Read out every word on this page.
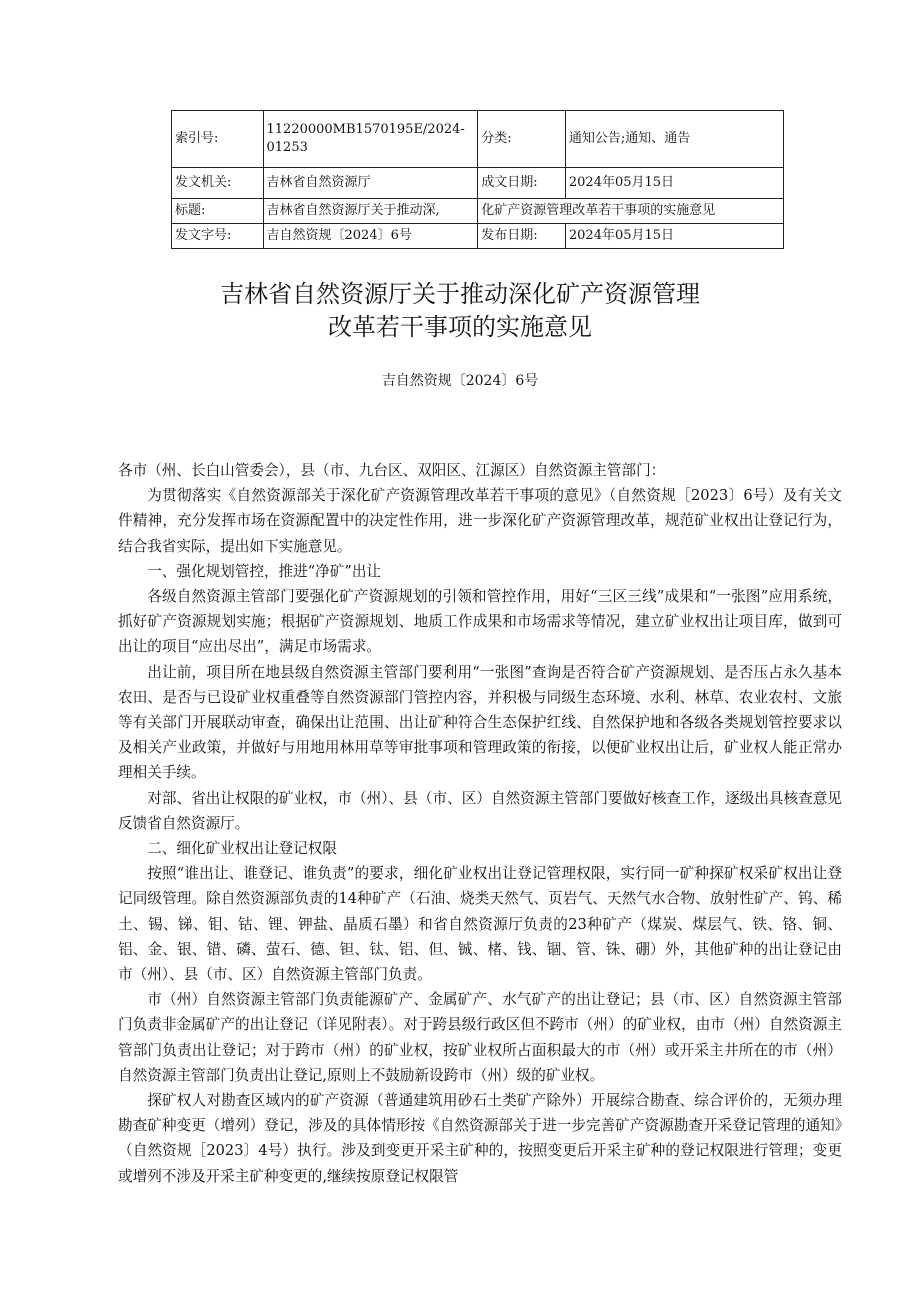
索引号:	11220000MB1570195E/2024-01253	分类:	通知公告;通知、通告
发文机关:	吉林省自然资源厅	成文日期:	2024年05月15日
标题:	吉林省自然资源厅关于推动深,	化矿产资源管理改革若干事项的实施意见	
发文字号:	吉自然资规〔2024〕6号	发布日期:	2024年05月15日
吉林省自然资源厅关于推动深化矿产资源管理
改革若干事项的实施意见
吉自然资规〔2024〕6号

各市（州、长白山管委会），县（市、九台区、双阳区、江源区）自然资源主管部门：

为贯彻落实《自然资源部关于深化矿产资源管理改革若干事项的意见》（自然资规［2023〕6号）及有关文件精神，充分发挥市场在资源配置中的决定性作用，进一步深化矿产资源管理改革，规范矿业权出让登记行为，结合我省实际，提出如下实施意见。

一、强化规划管控，推进“净矿”出让

各级自然资源主管部门要强化矿产资源规划的引领和管控作用，用好“三区三线”成果和“一张图”应用系统，抓好矿产资源规划实施；根据矿产资源规划、地质工作成果和市场需求等情况，建立矿业权出让项目库，做到可出让的项目“应出尽出”，满足市场需求。

出让前，项目所在地县级自然资源主管部门要利用“一张图”查询是否符合矿产资源规划、是否压占永久基本农田、是否与已设矿业权重叠等自然资源部门管控内容，并积极与同级生态环境、水利、林草、农业农村、文旅等有关部门开展联动审查，确保出让范围、出让矿种符合生态保护红线、自然保护地和各级各类规划管控要求以及相关产业政策，并做好与用地用林用草等审批事项和管理政策的衔接，以便矿业权出让后，矿业权人能正常办理相关手续。

对部、省出让权限的矿业权，市（州）、县（市、区）自然资源主管部门要做好核查工作，逐级出具核查意见反馈省自然资源厅。

二、细化矿业权出让登记权限

按照“谁出让、谁登记、谁负责”的要求，细化矿业权出让登记管理权限，实行同一矿种探矿权采矿权出让登记同级管理。除自然资源部负责的14种矿产（石油、烧类天然气、页岩气、天然气水合物、放射性矿产、钨、稀土、锡、锑、钼、钴、锂、钾盐、晶质石墨）和省自然资源厅负责的23种矿产（煤炭、煤层气、铁、铬、铜、铝、金、银、错、磷、萤石、德、钽、钛、铝、但、铖、楮、钱、锢、管、铢、硼）外，其他矿种的出让登记由市（州）、县（市、区）自然资源主管部门负责。

市（州）自然资源主管部门负责能源矿产、金属矿产、水气矿产的出让登记；县（市、区）自然资源主管部门负责非金属矿产的出让登记（详见附表）。对于跨县级行政区但不跨市（州）的矿业权，由市（州）自然资源主管部门负责出让登记；对于跨市（州）的矿业权，按矿业权所占面积最大的市（州）或开采主井所在的市（州）自然资源主管部门负责出让登记,原则上不鼓励新设跨市（州）级的矿业权。

探矿权人对勘查区域内的矿产资源（普通建筑用砂石土类矿产除外）开展综合勘查、综合评价的，无须办理勘查矿种变更（增列）登记，涉及的具体情形按《自然资源部关于进一步完善矿产资源勘查开采登记管理的通知》（自然资规［2023〕4号）执行。涉及到变更开采主矿种的，按照变更后开采主矿种的登记权限进行管理；变更或增列不涉及开采主矿种变更的,继续按原登记权限管
